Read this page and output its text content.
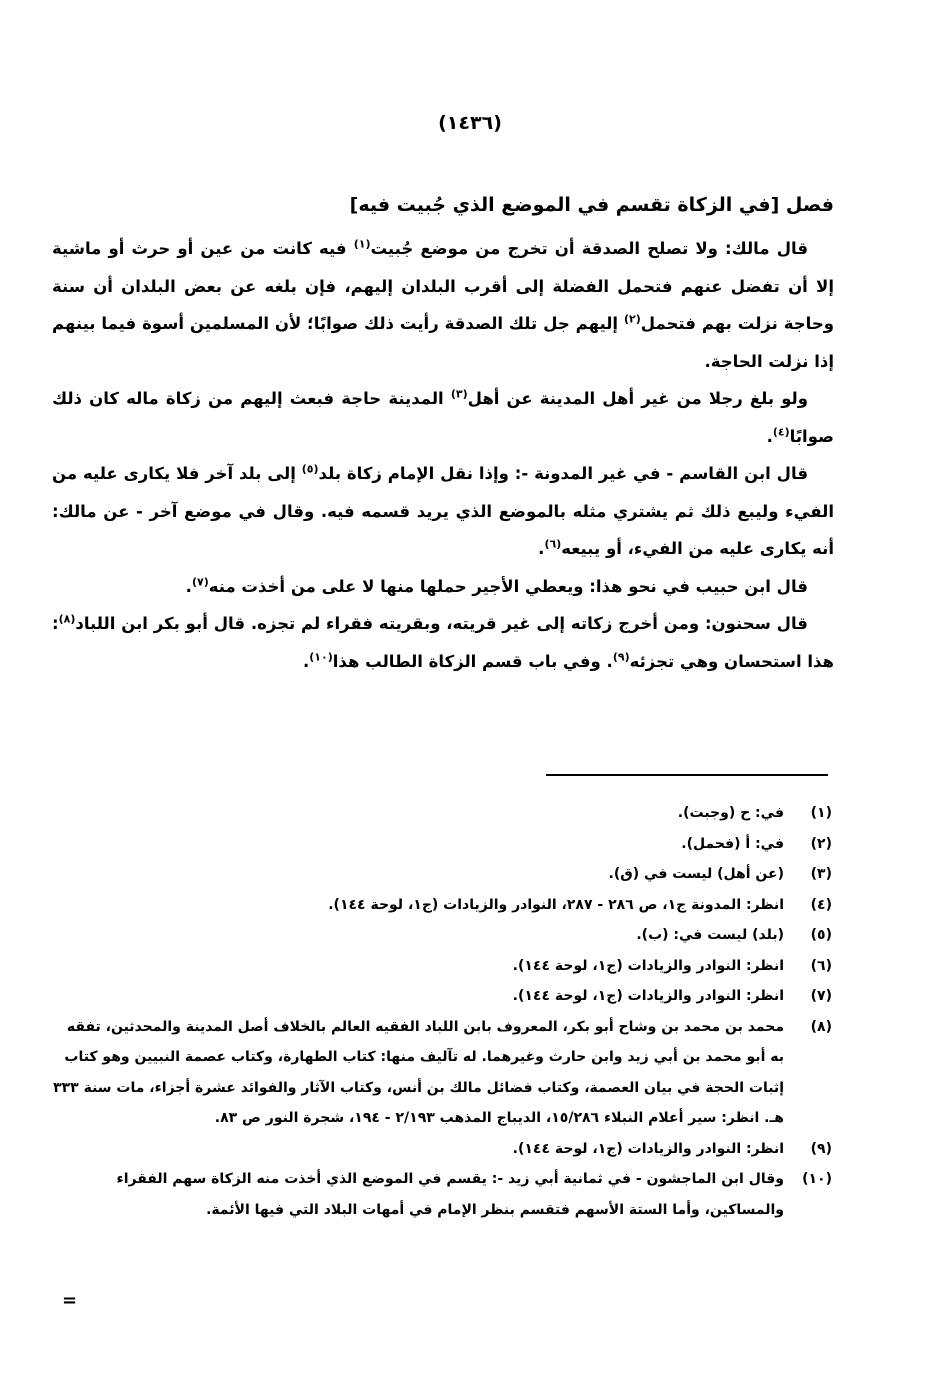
(١٤٣٦)
فصل [في الزكاة تقسم في الموضع الذي جُبيت فيه]

قال مالك: ولا تصلح الصدقة أن تخرج من موضع جُبيت$^{(١)}$ فيه كانت من عين أو حرث أو ماشية إلا أن تفضل عنهم فتحمل الفضلة إلى أقرب البلدان إليهم، فإن بلغه عن بعض البلدان أن سنة وحاجة نزلت بهم فتحمل$^{(٢)}$ إليهم جل تلك الصدقة رأيت ذلك صوابًا؛ لأن المسلمين أسوة فيما بينهم إذا نزلت الحاجة.

ولو بلغ رجلا من غير أهل المدينة عن أهل$^{(٣)}$ المدينة حاجة فبعث إليهم من زكاة ماله كان ذلك صوابًا$^{(٤)}$.

قال ابن القاسم - في غير المدونة -: وإذا نقل الإمام زكاة بلد$^{(٥)}$ إلى بلد آخر فلا يكارى عليه من الفيء وليبع ذلك ثم يشتري مثله بالموضع الذي يريد قسمه فيه. وقال في موضع آخر - عن مالك: أنه يكارى عليه من الفيء، أو يبيعه$^{(٦)}$.

قال ابن حبيب في نحو هذا: ويعطي الأجير حملها منها لا على من أخذت منه$^{(٧)}$.

قال سحنون: ومن أخرج زكاته إلى غير قريته، وبقريته فقراء لم تجزه. قال أبو بكر ابن اللباد$^{(٨)}$: هذا استحسان وهي تجزئه$^{(٩)}$. وفي باب قسم الزكاة الطالب هذا$^{(١٠)}$.

(١)
في: ح (وجبت).
(٢)
في: أ (فحمل).
(٣)
(عن أهل) ليست في (ق).
(٤)
انظر: المدونة ج١، ص ٢٨٦ - ٢٨٧، النوادر والزيادات (ج١، لوحة ١٤٤).
(٥)
(بلد) ليست في: (ب).
(٦)
انظر: النوادر والزيادات (ج١، لوحة ١٤٤).
(٧)
انظر: النوادر والزيادات (ج١، لوحة ١٤٤).
(٨)
محمد بن محمد بن وشاح أبو بكر، المعروف بابن اللباد الفقيه العالم بالخلاف أصل المدينة والمحدثين، تفقه به أبو محمد بن أبي زيد وابن حارث وغيرهما. له تآليف منها: كتاب الطهارة، وكتاب عصمة النبيين وهو كتاب إثبات الحجة في بيان العصمة، وكتاب فضائل مالك بن أنس، وكتاب الآثار والفوائد عشرة أجزاء، مات سنة ٣٣٣ هـ. انظر: سير أعلام النبلاء ١٥/٢٨٦، الديباج المذهب ٢/١٩٣ - ١٩٤، شجرة النور ص ٨٣.
(٩)
انظر: النوادر والزيادات (ج١، لوحة ١٤٤).
(١٠)
وقال ابن الماجشون - في ثمانية أبي زيد -: يقسم في الموضع الذي أخذت منه الزكاة سهم الفقراء والمساكين، وأما الستة الأسهم فتقسم بنظر الإمام في أمهات البلاد التي فيها الأئمة.
=
